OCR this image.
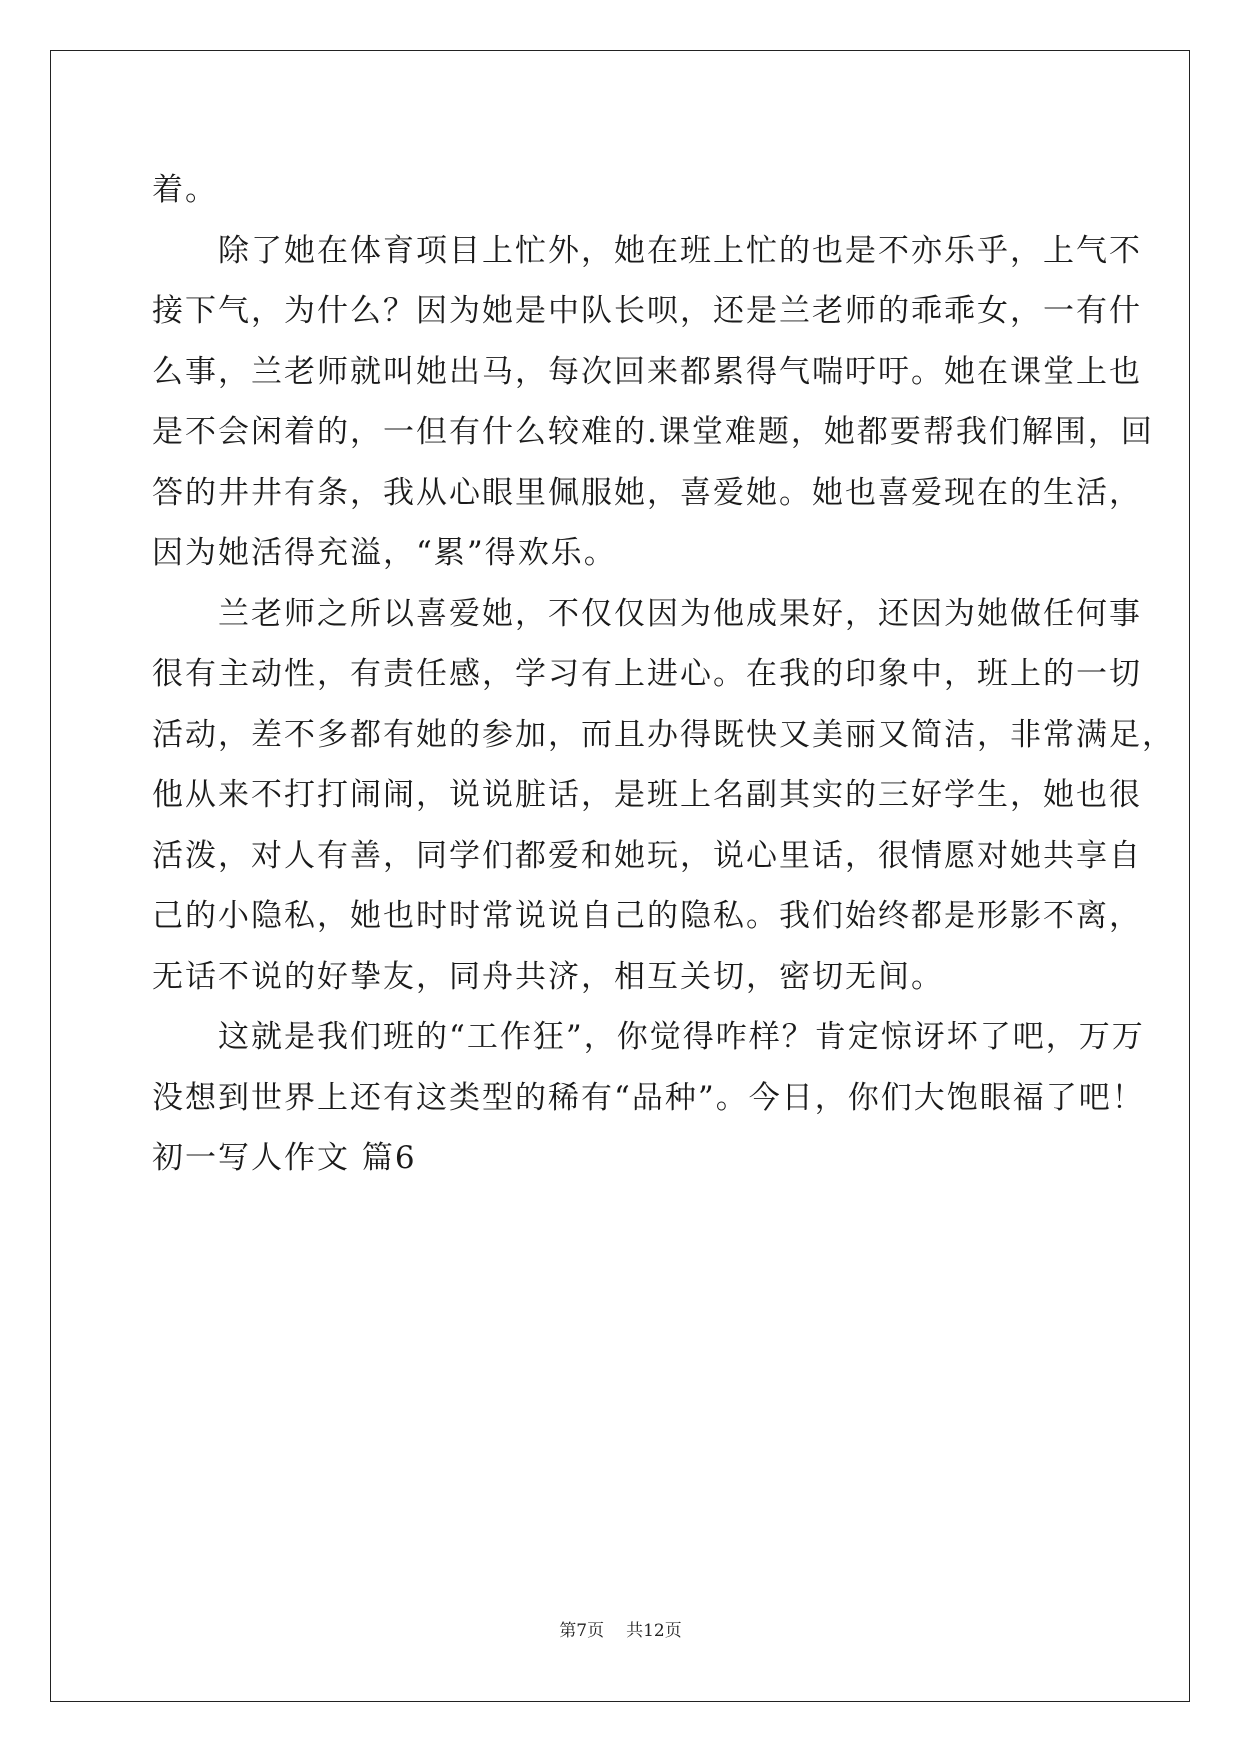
着。
　　除了她在体育项目上忙外，她在班上忙的也是不亦乐乎，上气不
接下气，为什么？因为她是中队长呗，还是兰老师的乖乖女，一有什
么事，兰老师就叫她出马，每次回来都累得气喘吁吁。她在课堂上也
是不会闲着的，一但有什么较难的.课堂难题，她都要帮我们解围，回
答的井井有条，我从心眼里佩服她，喜爱她。她也喜爱现在的生活，
因为她活得充溢，“累”得欢乐。
　　兰老师之所以喜爱她，不仅仅因为他成果好，还因为她做任何事
很有主动性，有责任感，学习有上进心。在我的印象中，班上的一切
活动，差不多都有她的参加，而且办得既快又美丽又简洁，非常满足，
他从来不打打闹闹，说说脏话，是班上名副其实的三好学生，她也很
活泼，对人有善，同学们都爱和她玩，说心里话，很情愿对她共享自
己的小隐私，她也时时常说说自己的隐私。我们始终都是形影不离，
无话不说的好挚友，同舟共济，相互关切，密切无间。
　　这就是我们班的“工作狂”，你觉得咋样？肯定惊讶坏了吧，万万
没想到世界上还有这类型的稀有“品种”。今日，你们大饱眼福了吧！
初一写人作文 篇6
第7页 共12页
